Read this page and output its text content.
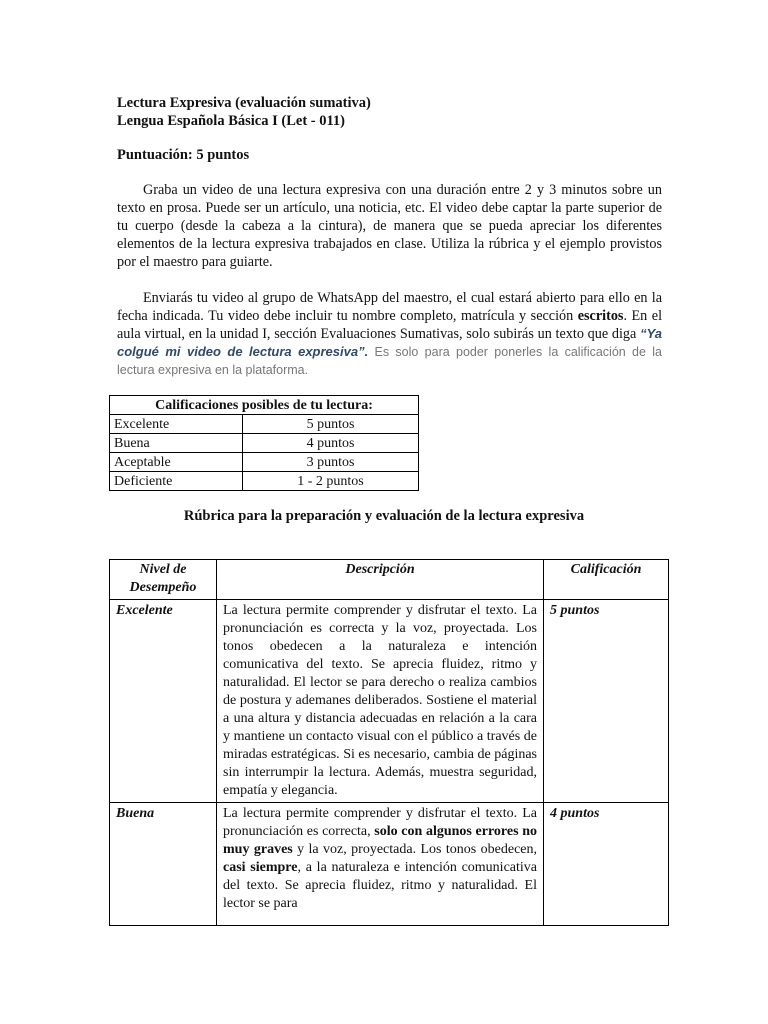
Lectura Expresiva (evaluación sumativa)
Lengua Española Básica I (Let - 011)
Puntuación: 5 puntos
Graba un video de una lectura expresiva con una duración entre 2 y 3 minutos sobre un texto en prosa. Puede ser un artículo, una noticia, etc. El video debe captar la parte superior de tu cuerpo (desde la cabeza a la cintura), de manera que se pueda apreciar los diferentes elementos de la lectura expresiva trabajados en clase. Utiliza la rúbrica y el ejemplo provistos por el maestro para guiarte.
Enviarás tu video al grupo de WhatsApp del maestro, el cual estará abierto para ello en la fecha indicada. Tu video debe incluir tu nombre completo, matrícula y sección escritos. En el aula virtual, en la unidad I, sección Evaluaciones Sumativas, solo subirás un texto que diga “Ya colgué mi video de lectura expresiva”. Es solo para poder ponerles la calificación de la lectura expresiva en la plataforma.
Calificaciones posibles de tu lectura:	
Excelente	5 puntos
Buena	4 puntos
Aceptable	3 puntos
Deficiente	1 - 2 puntos
Rúbrica para la preparación y evaluación de la lectura expresiva
Nivel de Desempeño	Descripción	Calificación
Excelente	La lectura permite comprender y disfrutar el texto. La pronunciación es correcta y la voz, proyectada. Los tonos obedecen a la naturaleza e intención comunicativa del texto. Se aprecia fluidez, ritmo y naturalidad. El lector se para derecho o realiza cambios de postura y ademanes deliberados. Sostiene el material a una altura y distancia adecuadas en relación a la cara y mantiene un contacto visual con el público a través de miradas estratégicas. Si es necesario, cambia de páginas sin interrumpir la lectura. Además, muestra seguridad, empatía y elegancia.	5 puntos
Buena	La lectura permite comprender y disfrutar el texto. La pronunciación es correcta, solo con algunos errores no muy graves y la voz, proyectada. Los tonos obedecen, casi siempre, a la naturaleza e intención comunicativa del texto. Se aprecia fluidez, ritmo y naturalidad. El lector se para	4 puntos
